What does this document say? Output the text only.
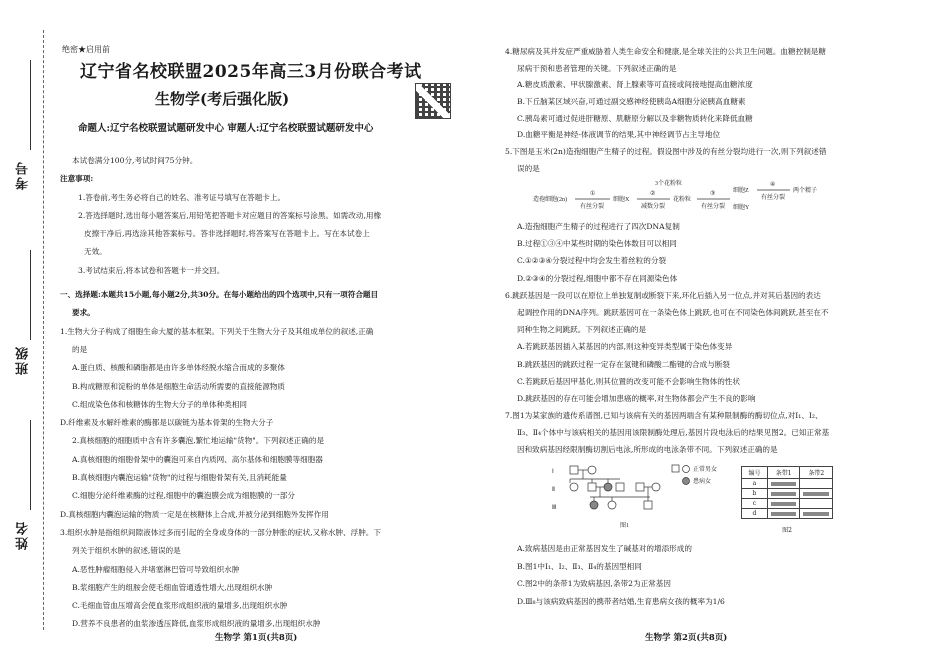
考号
班级
姓名
绝密★启用前
辽宁省名校联盟2025年高三3月份联合考试
生物学(考后强化版)
命题人:辽宁名校联盟试题研发中心 审题人:辽宁名校联盟试题研发中心
本试卷满分100分,考试时间75分钟。
注意事项:
1.答卷前,考生务必将自己的姓名、准考证号填写在答题卡上。
2.答选择题时,选出每小题答案后,用铅笔把答题卡对应题目的答案标号涂黑。如需改动,用橡
皮擦干净后,再选涂其他答案标号。答非选择题时,将答案写在答题卡上。写在本试卷上
无效。
3.考试结束后,将本试卷和答题卡一并交回。
一、选择题:本题共15小题,每小题2分,共30分。在每小题给出的四个选项中,只有一项符合题目
要求。
1.生物大分子构成了细胞生命大厦的基本框架。下列关于生物大分子及其组成单位的叙述,正确
的是
A.蛋白质、核酸和磷脂都是由许多单体经脱水缩合而成的多聚体
B.构成糖原和淀粉的单体是细胞生命活动所需要的直接能源物质
C.组成染色体和核糖体的生物大分子的单体种类相同
D.纤维素及水解纤维素的酶都是以碳链为基本骨架的生物大分子
2.真核细胞的细胞质中含有许多囊泡,繁忙地运输"货物"。下列叙述正确的是
A.真核细胞的细胞骨架中的囊泡可来自内质网、高尔基体和细胞膜等细胞器
B.真核细胞内囊泡运输"货物"的过程与细胞骨架有关,且消耗能量
C.细胞分泌纤维素酶的过程,细胞中的囊泡膜会成为细胞膜的一部分
D.真核细胞内囊泡运输的物质一定是在核糖体上合成,并被分泌到细胞外发挥作用
3.组织水肿是指组织间隙液体过多而引起的全身或身体的一部分肿胀的症状,又称水肿、浮肿。下
列关于组织水肿的叙述,错误的是
A.恶性肿瘤细胞侵入并堵塞淋巴管可导致组织水肿
B.浆细胞产生的组胺会使毛细血管通透性增大,出现组织水肿
C.毛细血管血压增高会使血浆形成组织液的量增多,出现组织水肿
D.营养不良患者的血浆渗透压降低,血浆形成组织液的量增多,出现组织水肿
生物学 第1页(共8页)
4.糖尿病及其并发症严重威胁着人类生命安全和健康,是全球关注的公共卫生问题。血糖控制是糖
尿病干预和患者管理的关键。下列叙述正确的是
A.糖皮质激素、甲状腺激素、肾上腺素等可直接或间接地提高血糖浓度
B.下丘脑某区域兴奋,可通过副交感神经使胰岛A细胞分泌胰高血糖素
C.胰岛素可通过促进肝糖原、肌糖原分解以及非糖物质转化来降低血糖
D.血糖平衡是神经-体液调节的结果,其中神经调节占主导地位
5.下图是玉米(2n)造孢细胞产生精子的过程。假设图中涉及的有丝分裂均进行一次,则下列叙述错
误的是
造孢细胞(2n)
①
有丝分裂
细胞X
②
减数分裂
3个花粉粒
花粉粒
③
有丝分裂
细胞Z
细胞Y
④
有丝分裂
两个精子
A.造孢细胞产生精子的过程进行了四次DNA复制
B.过程①③④中某些时期的染色体数目可以相同
C.①②③④分裂过程中均会发生着丝粒的分裂
D.②③④的分裂过程,细胞中都不存在同源染色体
6.跳跃基因是一段可以在原位上单独复制或断裂下来,环化后插入另一位点,并对其后基因的表达
起调控作用的DNA序列。跳跃基因可在一条染色体上跳跃,也可在不同染色体间跳跃,甚至在不
同种生物之间跳跃。下列叙述正确的是
A.若跳跃基因插入某基因的内部,则这种变异类型属于染色体变异
B.跳跃基因的跳跃过程一定存在氢键和磷酸二酯键的合成与断裂
C.若跳跃后基因甲基化,则其位置的改变可能不会影响生物体的性状
D.跳跃基因的存在可能会增加患癌的概率,对生物体都会产生不良的影响
7.图1为某家族的遗传系谱图,已知与该病有关的基因两端含有某种限制酶的酶切位点,对Ⅰ₁、Ⅰ₂、
Ⅱ₃、Ⅱ₄个体中与该病相关的基因用该限制酶处理后,基因片段电泳后的结果见图2。已知正常基
因和致病基因经限制酶切割后电泳,所形成的电泳条带不同。下列叙述正确的是
Ⅰ
Ⅱ
Ⅲ
正常男女
患病女
图1
编号	条带1	条带2
a	

b	

c	

d	

图2
A.致病基因是由正常基因发生了碱基对的增添形成的
B.图1中Ⅰ₁、Ⅰ₂、Ⅱ₃、Ⅱ₄的基因型相同
C.图2中的条带1为致病基因,条带2为正常基因
D.Ⅲ₈与该病致病基因的携带者结婚,生育患病女孩的概率为1/6
生物学 第2页(共8页)
